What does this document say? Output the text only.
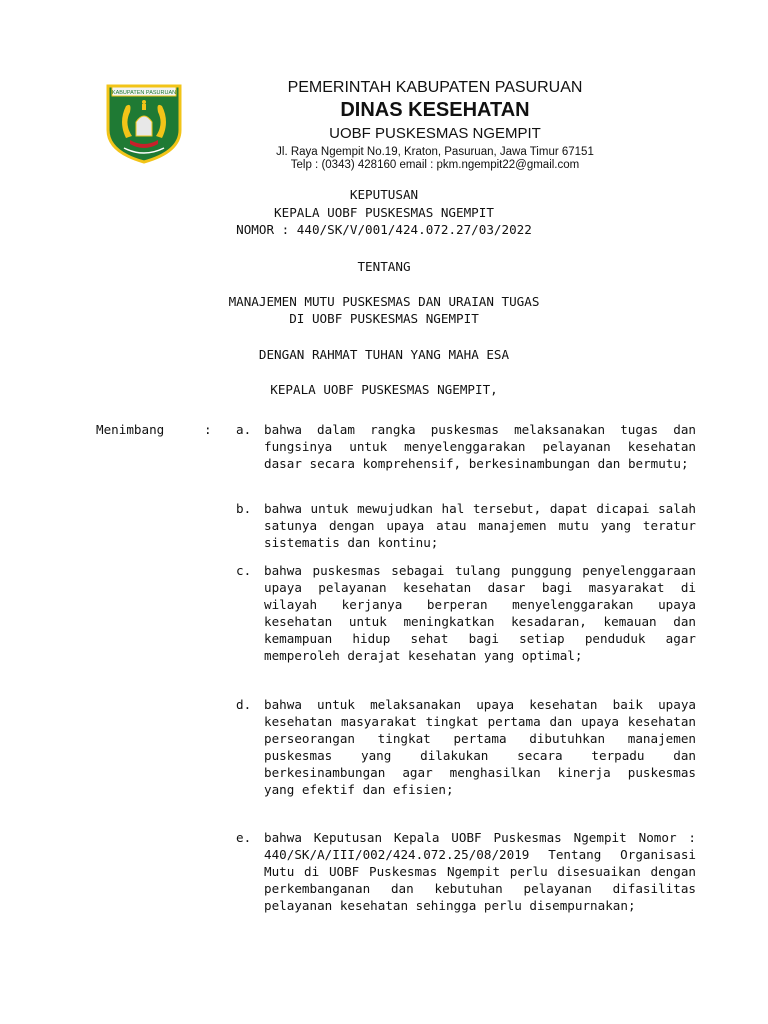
KABUPATEN PASURUAN	PEMERINTAH KABUPATEN PASURUAN
DINAS KESEHATAN
UOBF PUSKESMAS NGEMPIT
Jl. Raya Ngempit No.19, Kraton, Pasuruan, Jawa Timur 67151
Telp : (0343) 428160 email : pkm.ngempit22@gmail.com
KEPUTUSAN
KEPALA UOBF PUSKESMAS NGEMPIT
NOMOR : 440/SK/V/001/424.072.27/03/2022
TENTANG
MANAJEMEN MUTU PUSKESMAS DAN URAIAN TUGAS
DI UOBF PUSKESMAS NGEMPIT
DENGAN RAHMAT TUHAN YANG MAHA ESA
KEPALA UOBF PUSKESMAS NGEMPIT,
Menimbang	: a.	bahwa dalam rangka puskesmas melaksanakan tugas dan fungsinya untuk menyelenggarakan pelayanan kesehatan dasar secara komprehensif, berkesinambungan dan bermutu;
b.	bahwa untuk mewujudkan hal tersebut, dapat dicapai salah satunya dengan upaya atau manajemen mutu yang teratur sistematis dan kontinu;
c.	bahwa puskesmas sebagai tulang punggung penyelenggaraan upaya pelayanan kesehatan dasar bagi masyarakat di wilayah kerjanya berperan menyelenggarakan upaya kesehatan untuk meningkatkan kesadaran, kemauan dan kemampuan hidup sehat bagi setiap penduduk agar memperoleh derajat kesehatan yang optimal;
d.	bahwa untuk melaksanakan upaya kesehatan baik upaya kesehatan masyarakat tingkat pertama dan upaya kesehatan perseorangan tingkat pertama dibutuhkan manajemen puskesmas yang dilakukan secara terpadu dan berkesinambungan agar menghasilkan kinerja puskesmas yang efektif dan efisien;
e.	bahwa Keputusan Kepala UOBF Puskesmas Ngempit Nomor : 440/SK/A/III/002/424.072.25/08/2019 Tentang Organisasi Mutu di UOBF Puskesmas Ngempit perlu disesuaikan dengan perkembanganan dan kebutuhan pelayanan difasilitas pelayanan kesehatan sehingga perlu disempurnakan;
